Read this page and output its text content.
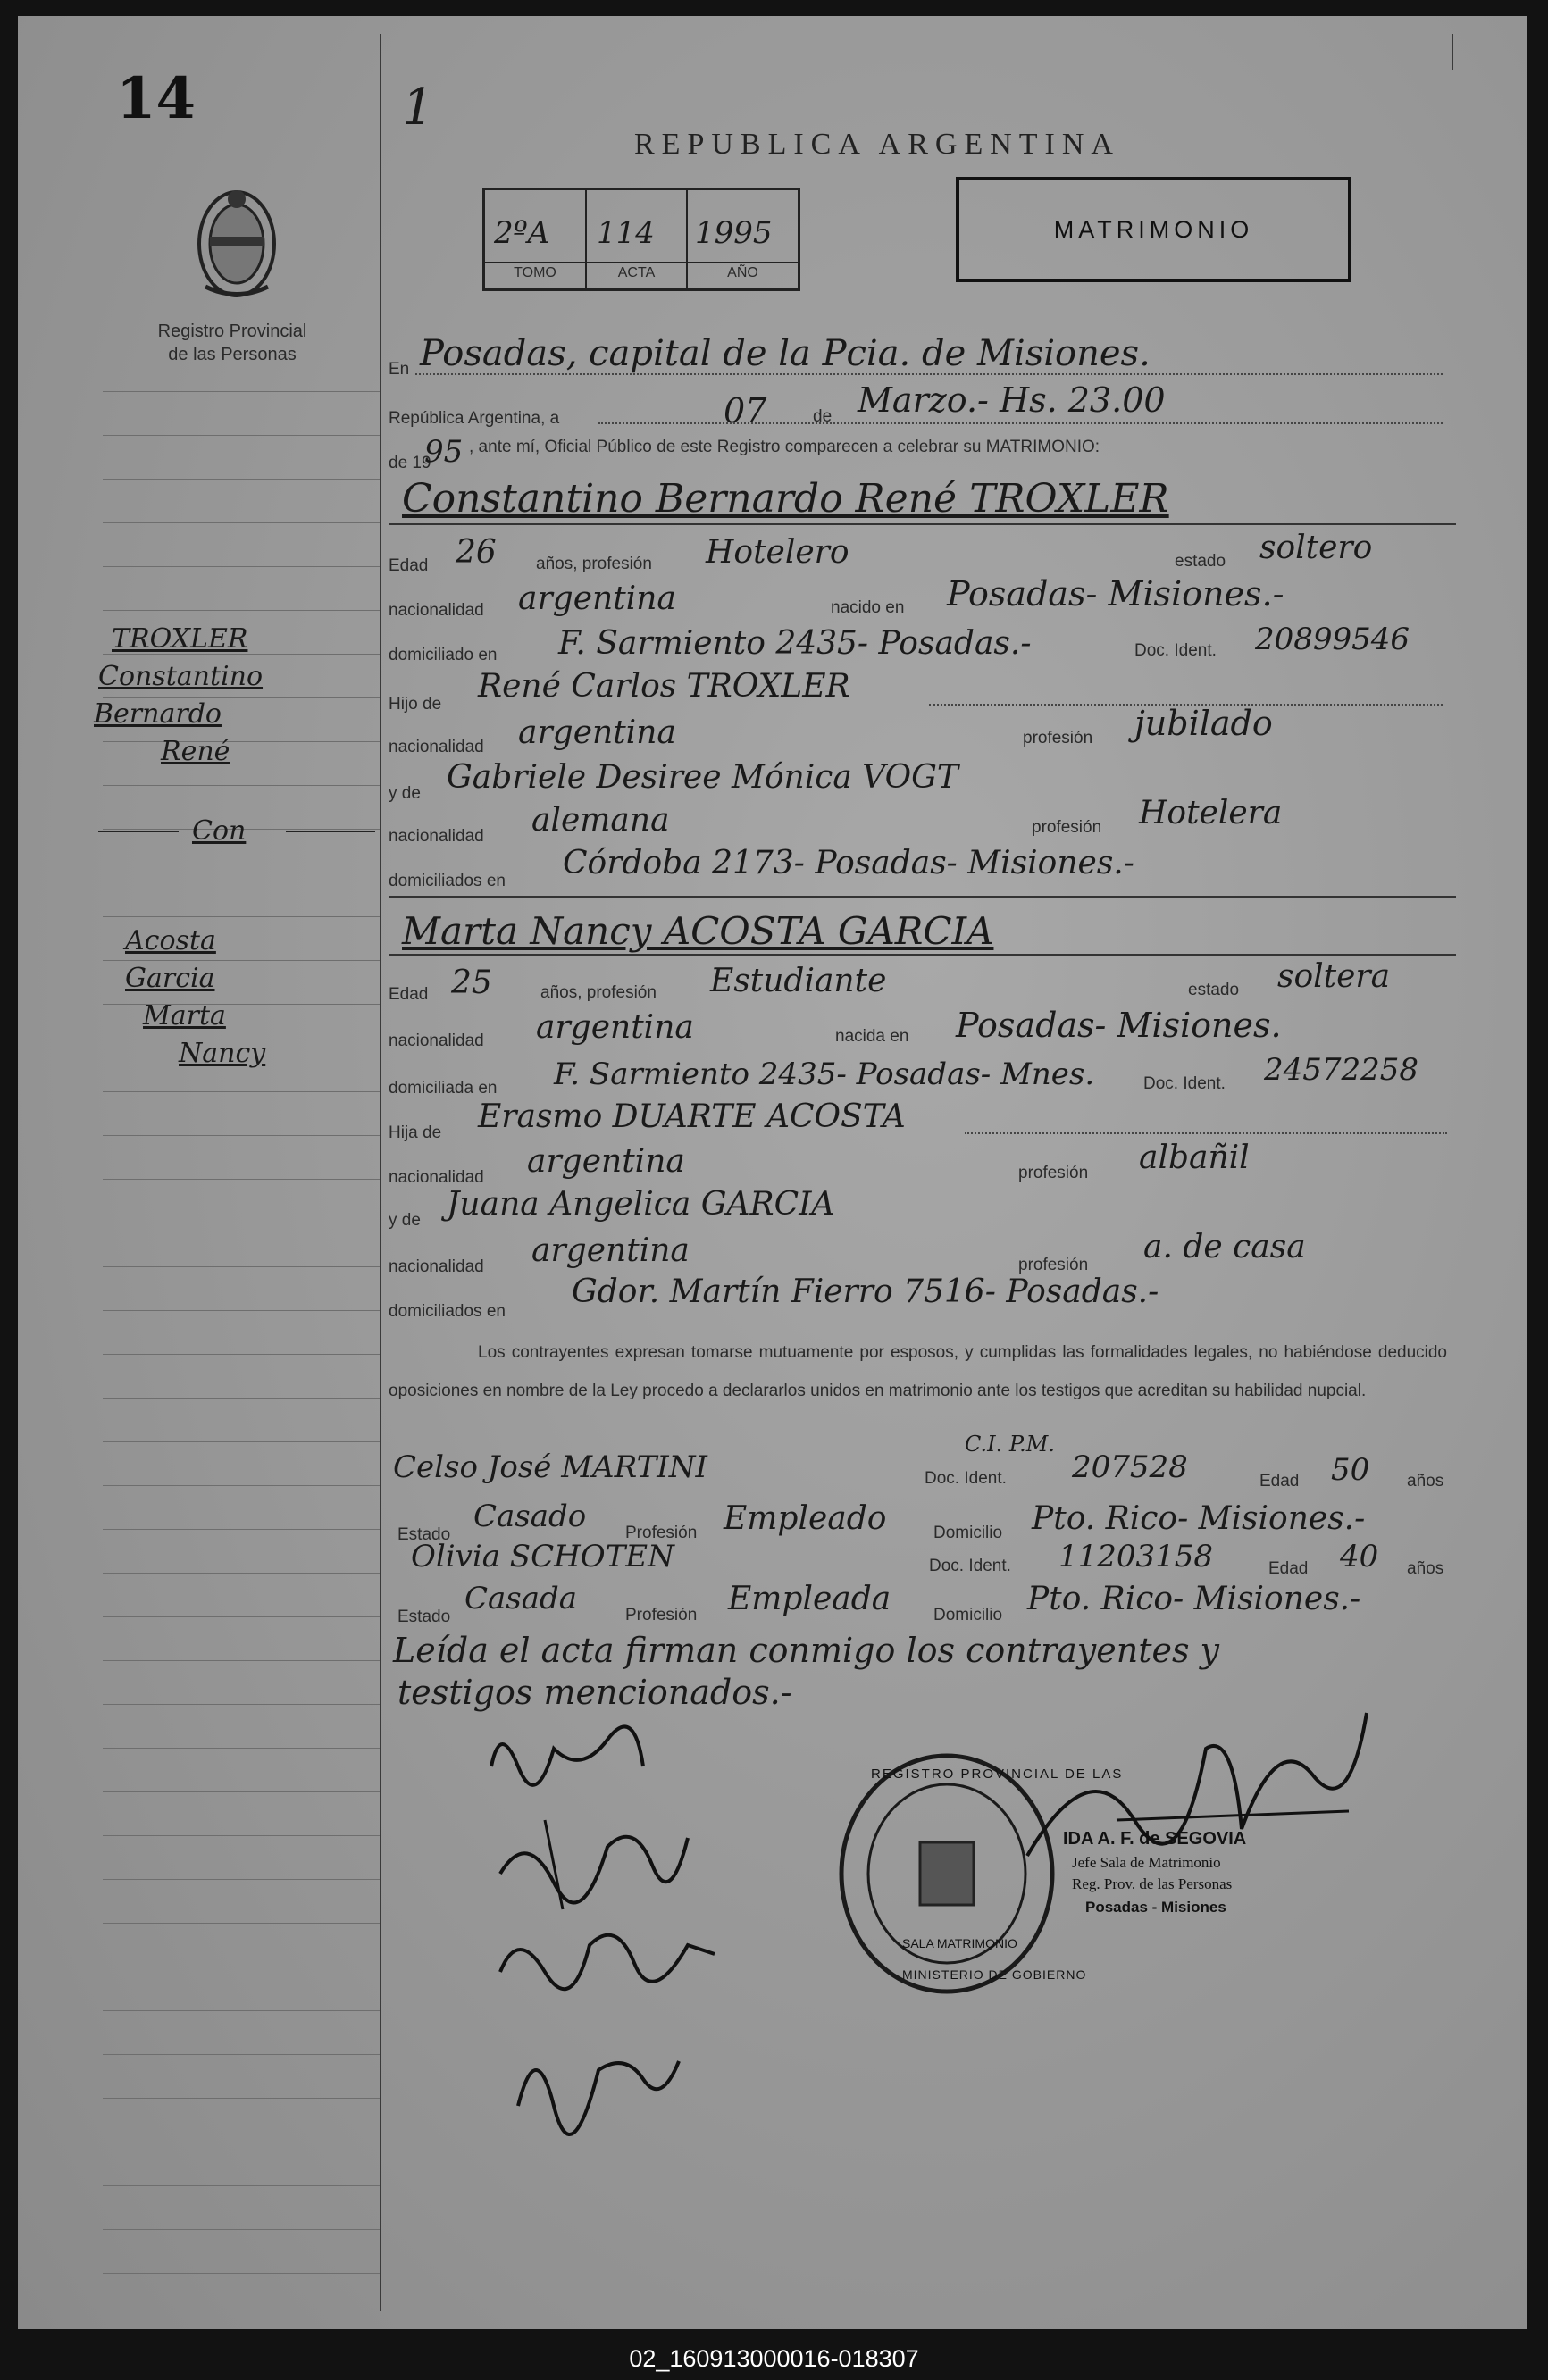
14
Registro Provincial
de las Personas
TROXLER
Constantino
Bernardo
René
Con
Acosta
Garcia
Marta
Nancy
1
REPUBLICA ARGENTINA
2ºA 114 1995
TOMO	ACTA	AÑO
MATRIMONIO
En Posadas, capital de la Pcia. de Misiones.
República Argentina, a	07	de Marzo.- Hs. 23.00
de 19
95 , ante mí, Oficial Público de este Registro comparecen a celebrar su MATRIMONIO:
Constantino Bernardo René TROXLER
Edad 26 años, profesión Hotelero	estado soltero
nacionalidad argentina	nacido en Posadas- Misiones.-
domiciliado en F. Sarmiento 2435- Posadas.-	Doc. Ident. 20899546
Hijo de René Carlos TROXLER
nacionalidad argentina	profesión jubilado
y de Gabriele Desiree Mónica VOGT
nacionalidad alemana	profesión Hotelera
domiciliados en Córdoba 2173- Posadas- Misiones.-
Marta Nancy ACOSTA GARCIA
Edad 25	años, profesión Estudiante	estado soltera
nacionalidad argentina	nacida en Posadas- Misiones.
domiciliada en F. Sarmiento 2435- Posadas- Mnes.	Doc. Ident. 24572258
Hija de Erasmo DUARTE ACOSTA
nacionalidad argentina	profesión albañil
y de Juana Angelica GARCIA
nacionalidad argentina	profesión a. de casa
domiciliados en
Gdor. Martín Fierro 7516- Posadas.-
Los contrayentes expresan tomarse mutuamente por esposos, y cumplidas las formalidades legales, no habiéndose deducido oposiciones en nombre de la Ley procedo a declararlos unidos en matrimonio ante los testigos que acreditan su habilidad nupcial.
Celso José MARTINI
C.I. P.M.
Doc. Ident. 207528	Edad 50 años
Estado
Casado Profesión Empleado	Domicilio Pto. Rico- Misiones.-
Olivia SCHOTEN	Doc. Ident. 11203158	Edad 40 años
Estado
Casada	Profesión Empleada	Domicilio Pto. Rico- Misiones.-
Leída el acta firman conmigo los contrayentes y
testigos mencionados.-
REGISTRO PROVINCIAL DE LAS
MINISTERIO DE GOBIERNO
SALA MATRIMONIO
IDA A. F. de SEGOVIA
Jefe Sala de Matrimonio
Reg. Prov. de las Personas
Posadas - Misiones
02_160913000016-018307
